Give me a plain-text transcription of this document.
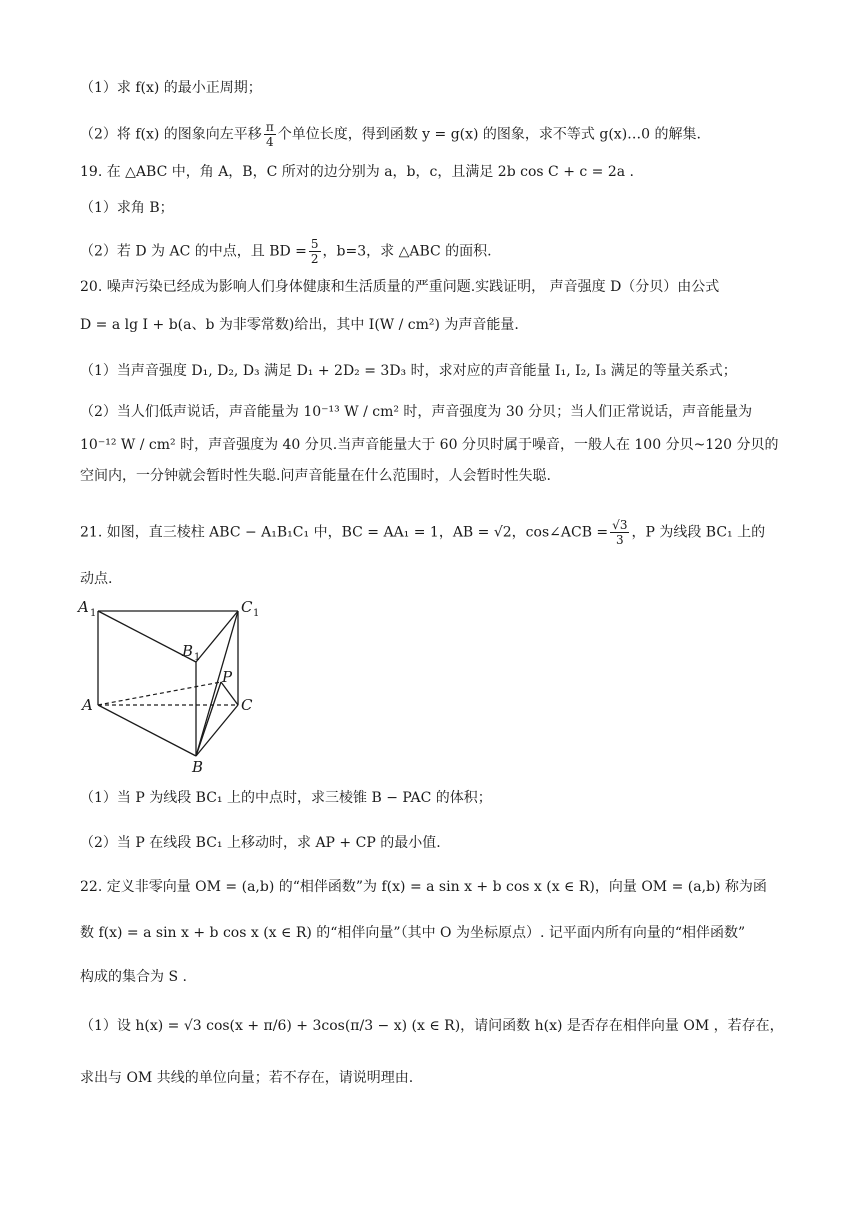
（1）求 f(x) 的最小正周期；
（2）将 f(x) 的图象向左平移 $\frac{\pi}{4}$ 个单位长度，得到函数 y = g(x) 的图象，求不等式 g(x)…0 的解集.
19. 在 △ABC 中，角 A，B，C 所对的边分别为 a，b，c，且满足 2b cos C + c = 2a .
（1）求角 B；
（2）若 D 为 AC 的中点，且 BD = $\frac{5}{2}$ ，b=3，求 △ABC 的面积.
20. 噪声污染已经成为影响人们身体健康和生活质量的严重问题.实践证明， 声音强度 D（分贝）由公式
D = a lg I + b(a、b 为非零常数)给出，其中 I(W / cm²) 为声音能量.
（1）当声音强度 D₁, D₂, D₃ 满足 D₁ + 2D₂ = 3D₃ 时，求对应的声音能量 I₁, I₂, I₃ 满足的等量关系式；
（2）当人们低声说话，声音能量为 10⁻¹³ W / cm² 时，声音强度为 30 分贝；当人们正常说话，声音能量为
10⁻¹² W / cm² 时，声音强度为 40 分贝.当声音能量大于 60 分贝时属于噪音，一般人在 100 分贝~120 分贝的
空间内，一分钟就会暂时性失聪.问声音能量在什么范围时，人会暂时性失聪.
21. 如图，直三棱柱 ABC − A₁B₁C₁ 中，BC = AA₁ = 1，AB = √2，cos∠ACB = $\frac{√3}{3}$ ，P 为线段 BC₁ 上的
动点.
A 1	C 1
B 1
P
A	C
B
（1）当 P 为线段 BC₁ 上的中点时，求三棱锥 B − PAC 的体积；
（2）当 P 在线段 BC₁ 上移动时，求 AP + CP 的最小值.
22. 定义非零向量 OM = (a,b) 的“相伴函数”为 f(x) = a sin x + b cos x (x ∈ R)，向量 OM = (a,b) 称为函
数 f(x) = a sin x + b cos x (x ∈ R) 的“相伴向量”（其中 O 为坐标原点）. 记平面内所有向量的“相伴函数”
构成的集合为 S .
（1）设 h(x) = √3 cos(x + π/6) + 3cos(π/3 − x) (x ∈ R)，请问函数 h(x) 是否存在相伴向量 OM ，若存在，
求出与 OM 共线的单位向量；若不存在，请说明理由.
